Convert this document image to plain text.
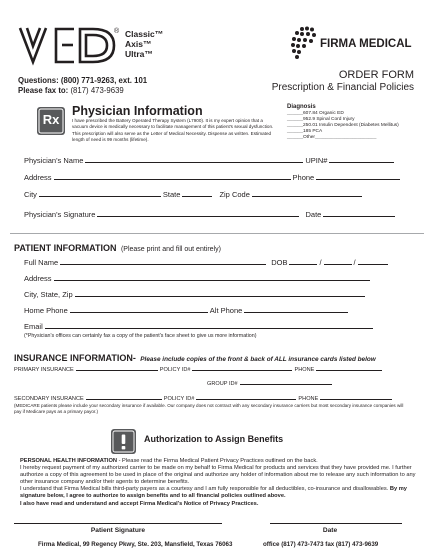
® Classic™
Axis™
Ultra™
FIRMA MEDICAL
Questions: (800) 771-9263, ext. 101
Please fax to: (817) 473-9639
ORDER FORM
Prescription & Financial Policies
Rx
Physician Information
I have prescribed the Battery Operated Therapy System (L7900). It is my expert opinion that a vacuum device is medically necessary to facilitate management of this patient's sexual dysfunction. This prescription will also serve as the Letter of Medical Necessity. Dispense as written. Estimated length of need is 99 months (lifetime).
Diagnosis
______607.84 Organic ED
______952.9 Spinal Cord Injury
______250.01 Insulin Dependent (Diabetes Mellitus)
______185 PCA
______Other_______________________
Physician's Name	UPIN#
Address	Phone
City	State	Zip Code
Physician's Signature	Date
PATIENT INFORMATION (Please print and fill out entirely)
Full Name	DOB	/	/
Address
City, State, Zip
Home Phone	Alt Phone
Email
(*Physician's offices can certainly fax a copy of the patient's face sheet to give us more information)
INSURANCE INFORMATION- Please include copies of the front & back of ALL insurance cards listed below
PRIMARY INSURANCE	POLICY ID#	PHONE
GROUP ID#
SECONDARY INSURANCE	POLICY ID#	PHONE
(MEDICARE patients please include your secondary insurance if available. Our company does not contract with any secondary insurance carriers but most secondary insurance companies will pay if Medicare pays as a primary payor.)
Authorization to Assign Benefits
PERSONAL HEALTH INFORMATION - Please read the Firma Medical Patient Privacy Practices outlined on the back.
I hereby request payment of my authorized carrier to be made on my behalf to Firma Medical for products and services that they have provided me. I further authorize a copy of this agreement to be used in place of the original and authorize any holder of information about me to release any such information to any other insurance company and/or their agents to determine benefits.
I understand that Firma Medical bills third-party payers as a courtesy and I am fully responsible for all deductibles, co-insurance and disallowables. By my signature below, I agree to authorize to assign benefits and to all financial policies outlined above.
I also have read and understand and accept Firma Medical's Notice of Privacy Practices.
Patient Signature	Date
Firma Medical, 99 Regency Pkwy, Ste. 203, Mansfield, Texas 76063	office (817) 473-7473 fax (817) 473-9639
